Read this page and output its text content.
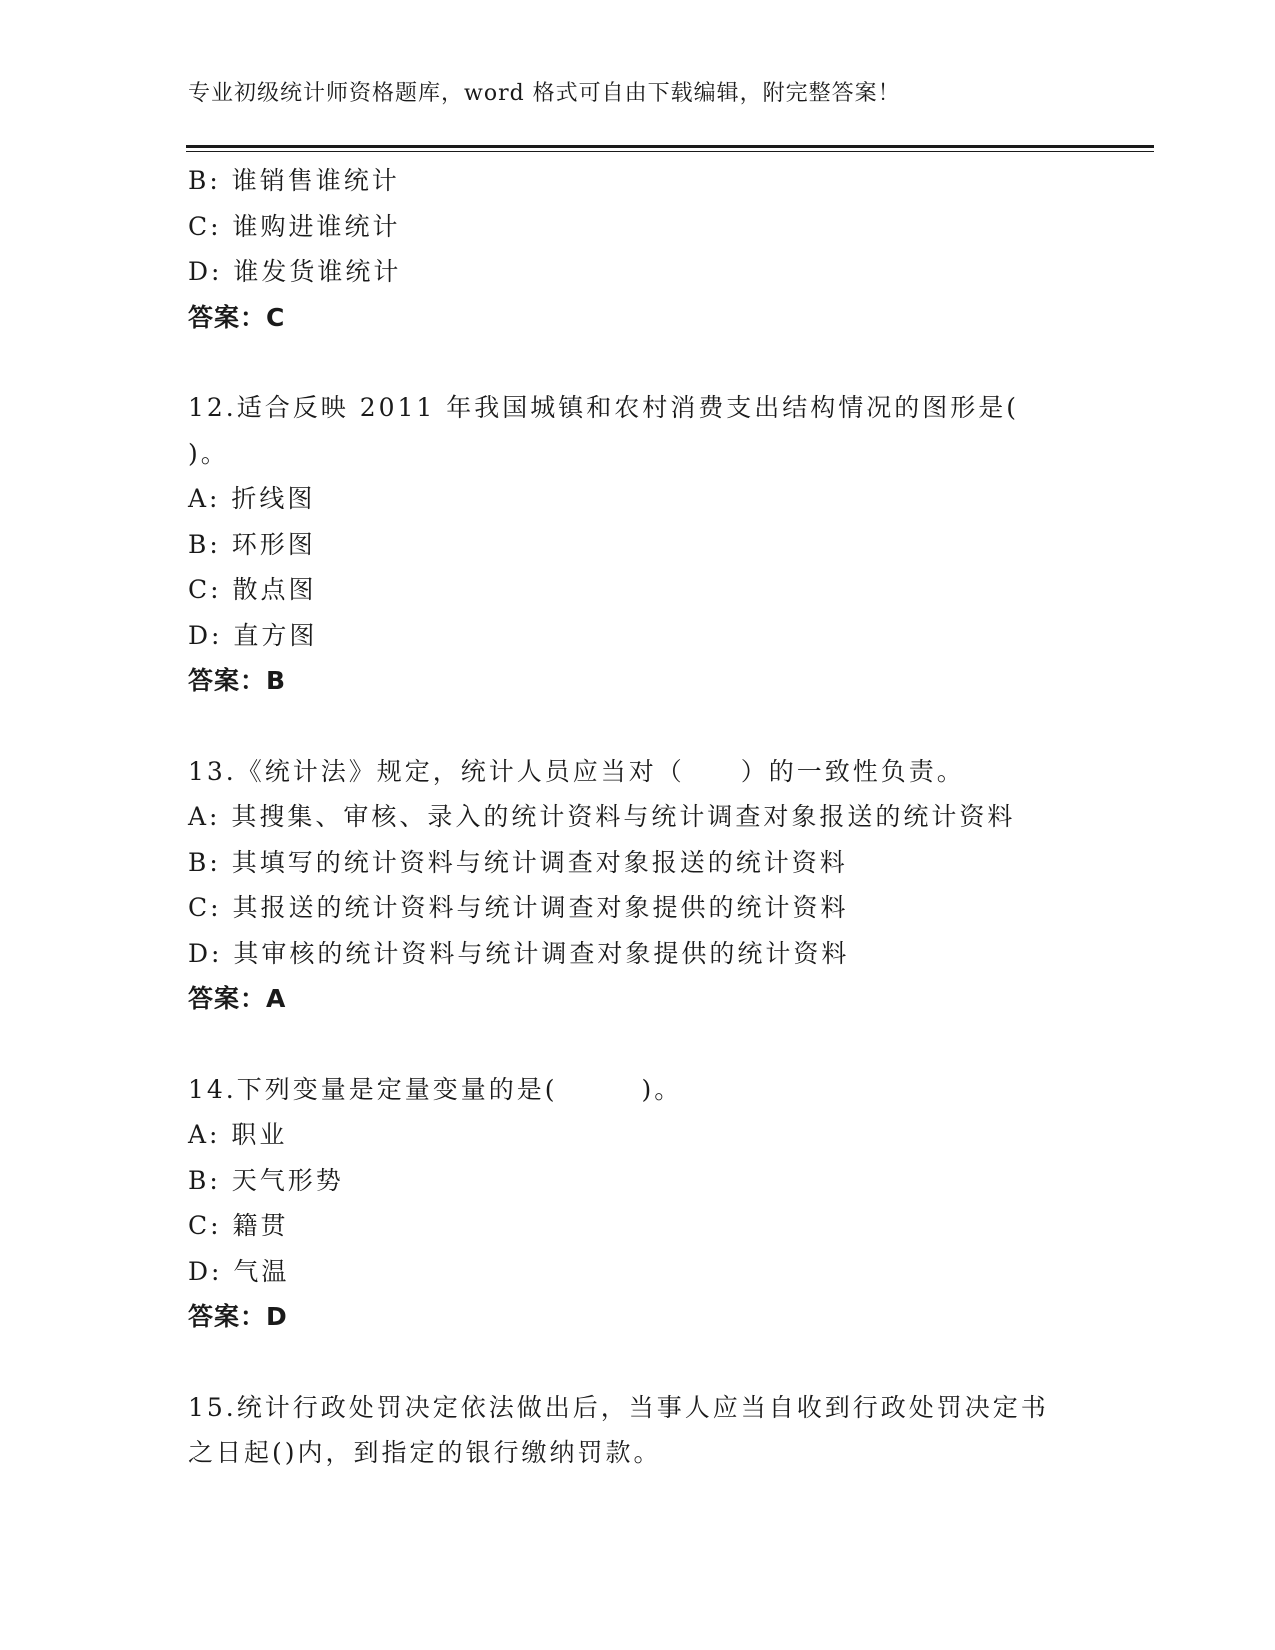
专业初级统计师资格题库，word 格式可自由下载编辑，附完整答案！
B: 谁销售谁统计
C: 谁购进谁统计
D: 谁发货谁统计
答案：C
12.适合反映 2011 年我国城镇和农村消费支出结构情况的图形是(
)。
A: 折线图
B: 环形图
C: 散点图
D: 直方图
答案：B
13.《统计法》规定，统计人员应当对（　　）的一致性负责。
A: 其搜集、审核、录入的统计资料与统计调查对象报送的统计资料
B: 其填写的统计资料与统计调查对象报送的统计资料
C: 其报送的统计资料与统计调查对象提供的统计资料
D: 其审核的统计资料与统计调查对象提供的统计资料
答案：A
14.下列变量是定量变量的是(　　　)。
A: 职业
B: 天气形势
C: 籍贯
D: 气温
答案：D
15.统计行政处罚决定依法做出后，当事人应当自收到行政处罚决定书
之日起()内，到指定的银行缴纳罚款。
